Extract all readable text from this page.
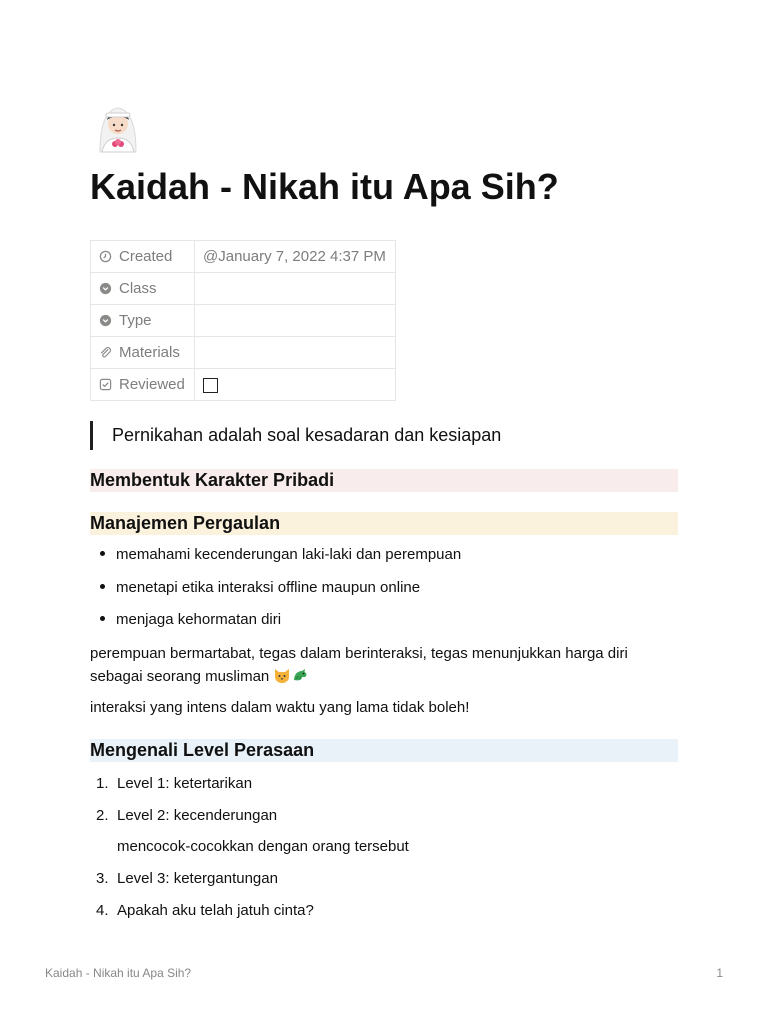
Kaidah - Nikah itu Apa Sih?
Created	@January 7, 2022 4:37 PM

Class	

Type	

Materials	

Reviewed	

Pernikahan adalah soal kesadaran dan kesiapan
Membentuk Karakter Pribadi
Manajemen Pergaulan
memahami kecenderungan laki-laki dan perempuan
menetapi etika interaksi offline maupun online
menjaga kehormatan diri
perempuan bermartabat, tegas dalam berinteraksi, tegas menunjukkan harga diri sebagai seorang musliman
interaksi yang intens dalam waktu yang lama tidak boleh!
Mengenali Level Perasaan
1. Level 1: ketertarikan
2. Level 2: kecenderungan
mencocok-cocokkan dengan orang tersebut
3. Level 3: ketergantungan
4. Apakah aku telah jatuh cinta?
Kaidah - Nikah itu Apa Sih?	1
